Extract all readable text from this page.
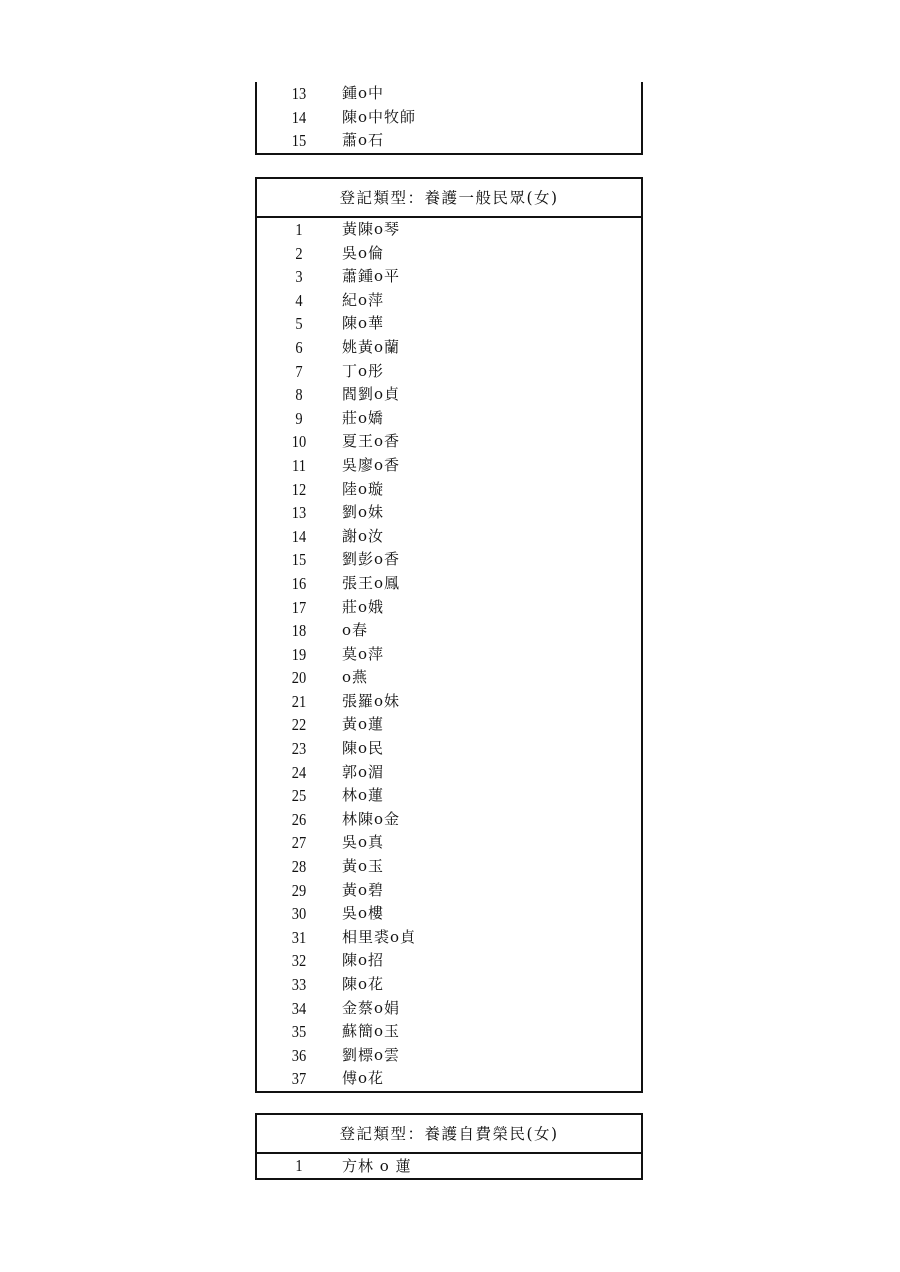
13	鍾o中
14	陳o中牧師
15	蕭o石
登記類型：養護一般民眾(女)
1	黃陳o琴
2	吳o倫
3	蕭鍾o平
4	紀o萍
5	陳o華
6	姚黃o蘭
7	丁o彤
8	閻劉o貞
9	莊o嬌
10	夏王o香
11	吳廖o香
12	陸o璇
13	劉o妹
14	謝o汝
15	劉彭o香
16	張王o鳳
17	莊o娥
18	o春
19	莫o萍
20	o燕
21	張羅o妹
22	黃o蓮
23	陳o民
24	郭o湄
25	林o蓮
26	林陳o金
27	吳o真
28	黃o玉
29	黃o碧
30	吳o樓
31	相里裘o貞
32	陳o招
33	陳o花
34	金蔡o娟
35	蘇簡o玉
36	劉標o雲
37	傅o花
登記類型：養護自費榮民(女)
1	方林 o 蓮
